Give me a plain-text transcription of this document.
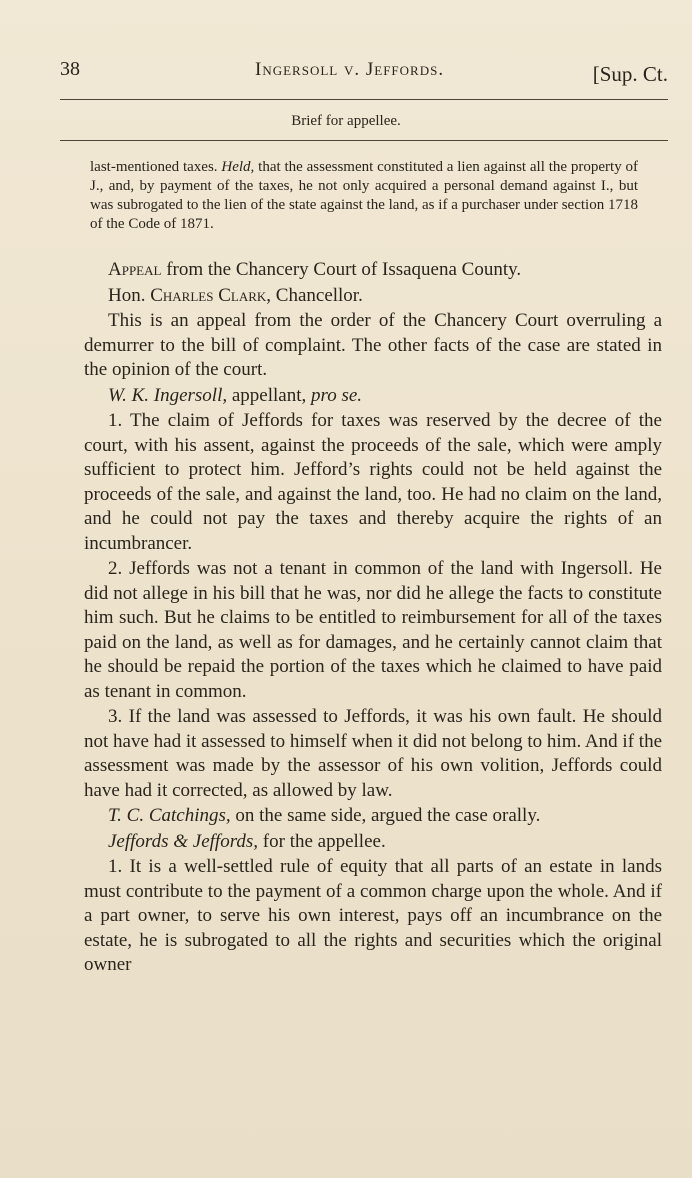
38	Ingersoll v. Jeffords.	[Sup. Ct.
Brief for appellee.
last-mentioned taxes. Held, that the assessment constituted a lien against all the property of J., and, by payment of the taxes, he not only acquired a personal demand against I., but was subrogated to the lien of the state against the land, as if a purchaser under section 1718 of the Code of 1871.

Appeal from the Chancery Court of Issaquena County.

Hon. Charles Clark, Chancellor.

This is an appeal from the order of the Chancery Court overruling a demurrer to the bill of complaint. The other facts of the case are stated in the opinion of the court.

W. K. Ingersoll, appellant, pro se.

1. The claim of Jeffords for taxes was reserved by the decree of the court, with his assent, against the proceeds of the sale, which were amply sufficient to protect him. Jefford’s rights could not be held against the proceeds of the sale, and against the land, too. He had no claim on the land, and he could not pay the taxes and thereby acquire the rights of an incumbrancer.

2. Jeffords was not a tenant in common of the land with Ingersoll. He did not allege in his bill that he was, nor did he allege the facts to constitute him such. But he claims to be entitled to reimbursement for all of the taxes paid on the land, as well as for damages, and he certainly cannot claim that he should be repaid the portion of the taxes which he claimed to have paid as tenant in common.

3. If the land was assessed to Jeffords, it was his own fault. He should not have had it assessed to himself when it did not belong to him. And if the assessment was made by the assessor of his own volition, Jeffords could have had it corrected, as allowed by law.

T. C. Catchings, on the same side, argued the case orally.

Jeffords & Jeffords, for the appellee.

1. It is a well-settled rule of equity that all parts of an estate in lands must contribute to the payment of a common charge upon the whole. And if a part owner, to serve his own interest, pays off an incumbrance on the estate, he is subrogated to all the rights and securities which the original owner
